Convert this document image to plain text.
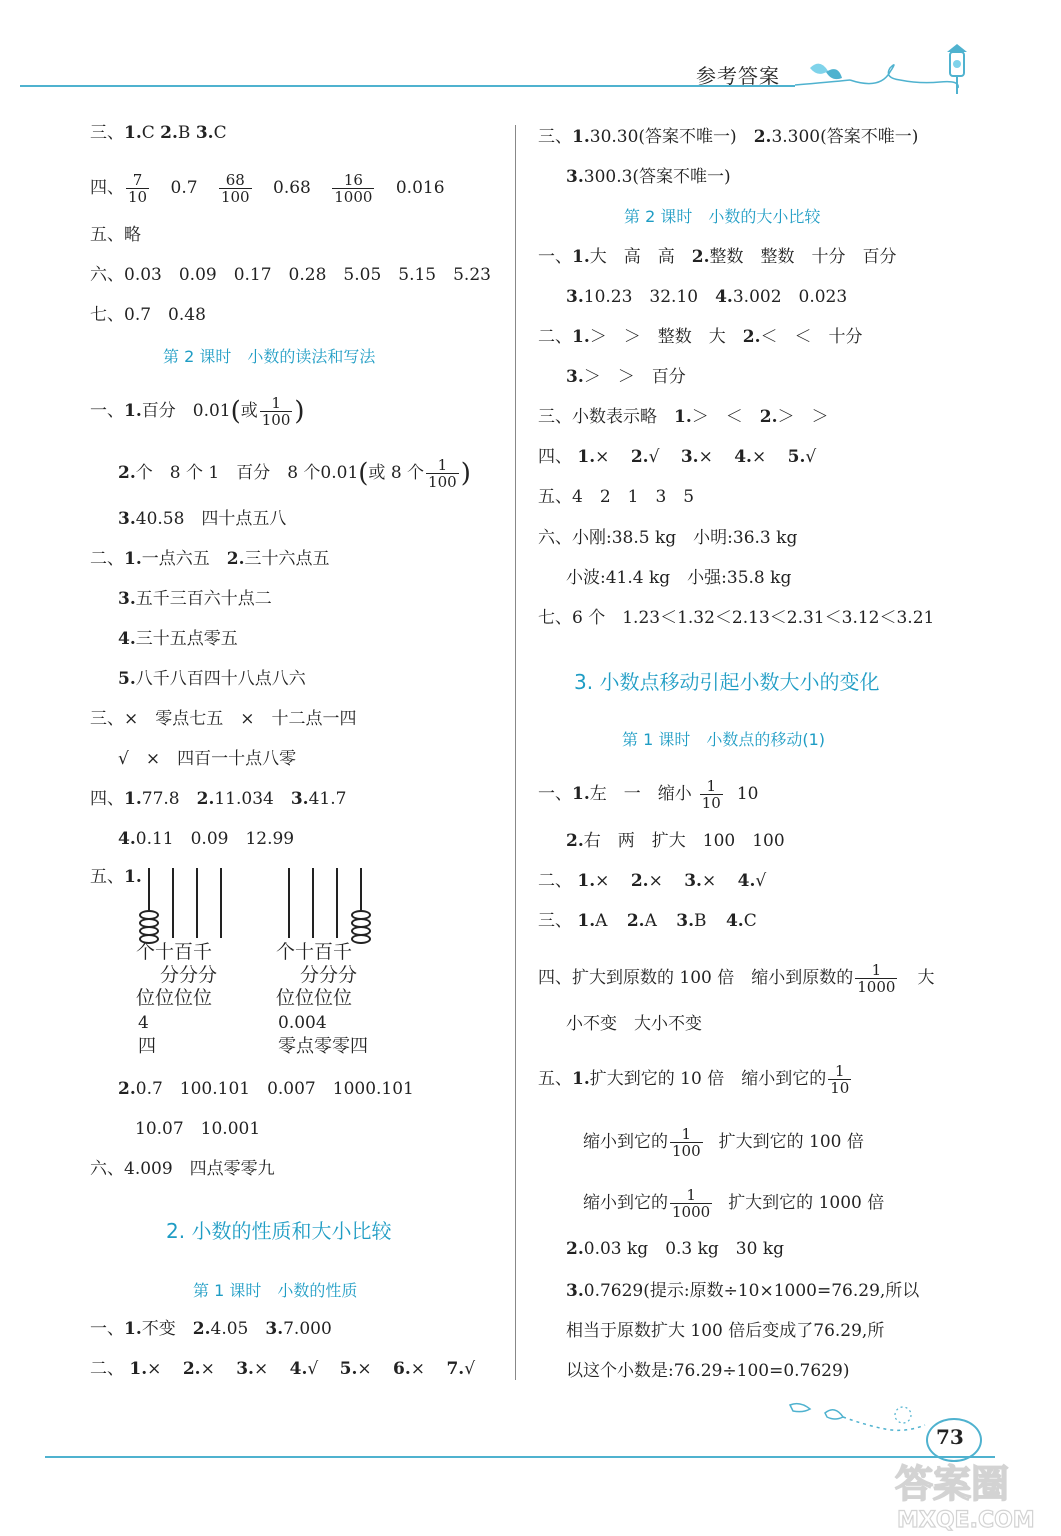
参考答案
三、1.C 2.B 3.C
四、 $\frac{7}{10} 0.7 \frac{68}{100} 0.68 \frac{16}{1000} 0.016$
五、略
六、0.03　0.09　0.17　0.28　5.05　5.15　5.23
七、0.7　0.48
第 2 课时　小数的读法和写法
一、1.百分　0.01(或 $\frac{1}{100}$ )
2.个　8 个 1　百分　8 个0.01(或 8 个 $\frac{1}{100}$ )
3.40.58　四十点五八
二、1.一点六五　2.三十六点五
3.五千三百六十点二
4.三十五点零五
5.八千八百四十八点八六
三、×　零点七五　×　十二点一四
√　×　四百一十点八零
四、1.77.8　2.11.034　3.41.7
4.0.11　0.09　12.99
五、1.
个十百千
分分分
位位位位
4
四
个十百千
分分分
位位位位
0.004
零点零零四
2.0.7　100.101　0.007　1000.101
10.07　10.001
六、4.009　四点零零九
2. 小数的性质和大小比较
第 1 课时　小数的性质
一、1.不变　2.4.05　3.7.000
二、 1.× 2.× 3.× 4.√ 5.× 6.× 7.√
三、1.30.30(答案不唯一)　2.3.300(答案不唯一)
3.300.3(答案不唯一)
第 2 课时　小数的大小比较
一、1.大　高　高　2.整数　整数　十分　百分
3.10.23　32.10　4.3.002　0.023
二、1.＞　＞　整数　大　2.＜　＜　十分
3.＞　＞　百分
三、小数表示略　1.＞　＜　2.＞　＞
四、 1.× 2.√ 3.× 4.× 5.√
五、4　2　1　3　5
六、小刚:38.5 kg　小明:36.3 kg
小波:41.4 kg　小强:35.8 kg
七、6 个　1.23＜1.32＜2.13＜2.31＜3.12＜3.21
3. 小数点移动引起小数大小的变化
第 1 课时　小数点的移动(1)
一、1.左　一　缩小 $\frac{1}{10} 10$
2.右　两　扩大　100　100
二、 1.× 2.× 3.× 4.√
三、 1.A 2.A 3.B 4.C
四、扩大到原数的 100 倍　缩小到原数的 $\frac{1}{1000}$ 大
小不变　大小不变
五、1.扩大到它的 10 倍　缩小到它的 $\frac{1}{10}$
缩小到它的 $\frac{1}{100}$ 扩大到它的 100 倍
缩小到它的 $\frac{1}{1000}$ 扩大到它的 1000 倍
2.0.03 kg　0.3 kg　30 kg
3.0.7629(提示:原数÷10×1000=76.29,所以
相当于原数扩大 100 倍后变成了76.29,所
以这个小数是:76.29÷100=0.7629)
73
答案圈
MXQE.COM
